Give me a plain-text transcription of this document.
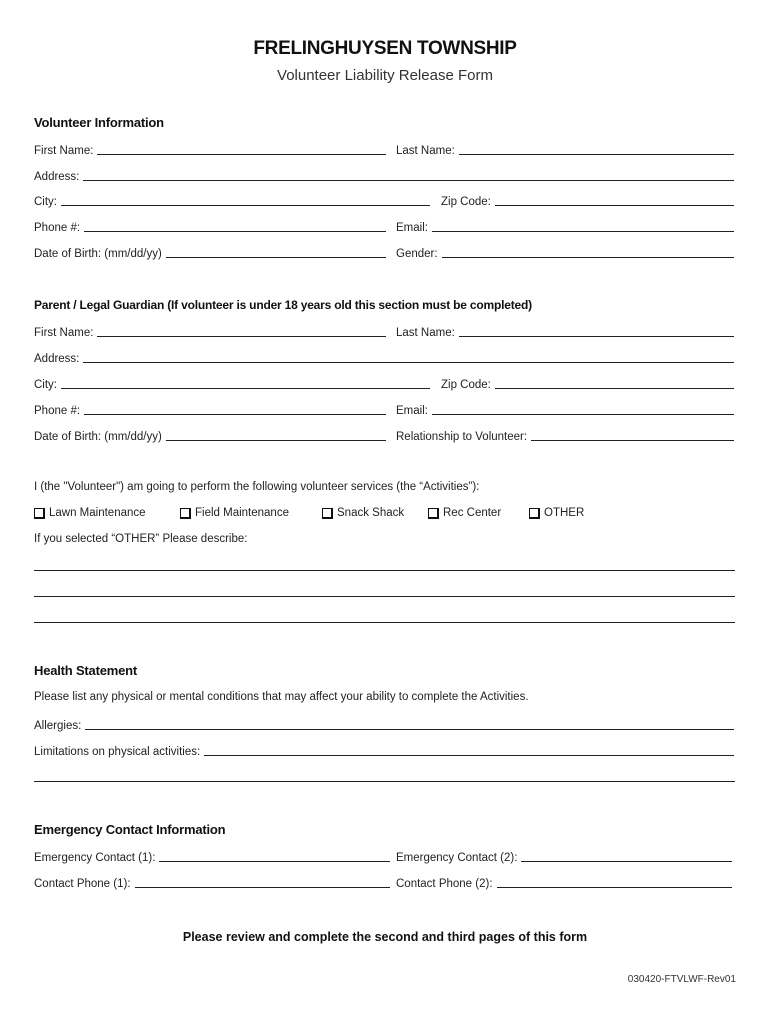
FRELINGHUYSEN TOWNSHIP
Volunteer Liability Release Form
Volunteer Information
First Name:	Last Name:
Address:
City:	Zip Code:
Phone #:	Email:
Date of Birth: (mm/dd/yy)	Gender:
Parent / Legal Guardian (If volunteer is under 18 years old this section must be completed)
First Name:	Last Name:
Address:
City:	Zip Code:
Phone #:	Email:
Date of Birth: (mm/dd/yy)	Relationship to Volunteer:
I (the "Volunteer") am going to perform the following volunteer services (the “Activities”):
Lawn Maintenance	Field Maintenance	Snack Shack	Rec Center	OTHER
If you selected “OTHER” Please describe:
Health Statement
Please list any physical or mental conditions that may affect your ability to complete the Activities.
Allergies:
Limitations on physical activities:
Emergency Contact Information
Emergency Contact (1):	Emergency Contact (2):
Contact Phone (1):	Contact Phone (2):
Please review and complete the second and third pages of this form
030420-FTVLWF-Rev01
